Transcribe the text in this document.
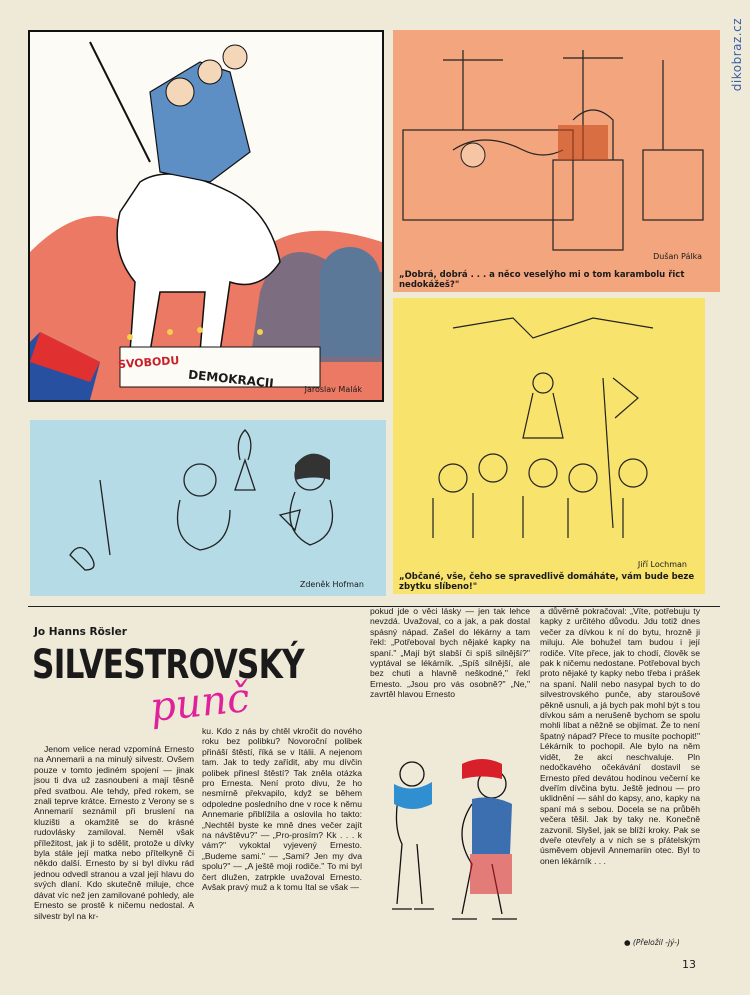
dikobraz.cz
SVOBODU
DEMOKRACII	Jaroslav Malák
Dušan Pálka
„Dobrá, dobrá . . . a něco veselýho mi o tom karambolu řict nedokážeš?"
Jiří Lochman
„Občané, vše, čeho se spravedlivě domáháte, vám bude beze zbytku slíbeno!"
Zdeněk Hofman
Jo Hanns Rösler
SILVESTROVSKÝ
punč

Jenom velice nerad vzpomíná Ernesto na Annemarii a na minulý silvestr. Ovšem pouze v tomto jediném spojení — jinak jsou ti dva už zasnoubeni a mají těsně před svatbou. Ale tehdy, před rokem, se znali teprve krátce. Ernesto z Verony se s Annemarií seznámil při bruslení na kluzišti a okamžitě se do krásné rudovlásky zamiloval. Neměl však příležitost, jak ji to sdělit, protože u dívky byla stále její matka nebo přítelkyně či někdo další. Ernesto by si byl dívku rád jednou odvedl stranou a vzal její hlavu do svých dlaní. Kdo skutečně miluje, chce dávat víc než jen zamilované pohledy, ale Ernesto se prostě k ničemu nedostal. A silvestr byl na kr-

ku. Kdo z nás by chtěl vkročit do nového roku bez polibku? Novoroční polibek přináší štěstí, říká se v Itálii. A nejenom tam. Jak to tedy zařídit, aby mu dívčin polibek přinesl štěstí? Tak zněla otázka pro Ernesta. Není proto divu, že ho nesmírně překvapilo, když se během odpoledne posledního dne v roce k němu Annemarie přiblížila a oslovila ho takto: „Nechtěl byste ke mně dnes večer zajít na návštěvu?" — „Pro-prosím? Kk . . . k vám?" vykoktal vyjevený Ernesto. „Budeme sami." — „Sami? Jen my dva spolu?" — „A ještě moji rodiče." To mi byl čert dlužen, zatrpkle uvažoval Ernesto. Avšak pravý muž a k tomu Ital se však —

pokud jde o věci lásky — jen tak lehce nevzdá. Uvažoval, co a jak, a pak dostal spásný nápad. Zašel do lékárny a tam řekl: „Potřeboval bych nějaké kapky na spaní." „Mají být slabší či spíš silnější?" vyptával se lékárník. „Spíš silnější, ale bez chuti a hlavně neškodné," řekl Ernesto. „Jsou pro vás osobně?" „Ne," zavrtěl hlavou Ernesto

a důvěrně pokračoval: „Víte, potřebuju ty kapky z určitého důvodu. Jdu totiž dnes večer za dívkou k ní do bytu, hrozně ji miluju. Ale bohužel tam budou i její rodiče. Víte přece, jak to chodí, člověk se pak k ničemu nedostane. Potřeboval bych proto nějaké ty kapky nebo třeba i prášek na spaní. Nalil nebo nasypal bych to do silvestrovského punče, aby staroušové pěkně usnuli, a já bych pak mohl být s tou dívkou sám a nerušeně bychom se spolu mohli líbat a něžně se objímat. Že to není špatný nápad? Přece to musíte pochopit!" Lékárník to pochopil. Ale bylo na něm vidět, že akci neschvaluje. Pln nedočkavého očekávání dostavil se Ernesto před devátou hodinou večerní ke dveřím dívčina bytu. Ještě jednou — pro uklidnění — sáhl do kapsy, ano, kapky na spaní má s sebou. Docela se na průběh večera těšil. Jak by taky ne. Konečně zazvonil. Slyšel, jak se blíží kroky. Pak se dveře otevřely a v nich se s přátelským úsměvem objevil Annemariin otec. Byl to onen lékárník . . .

● (Přeložil -jý-)
13
